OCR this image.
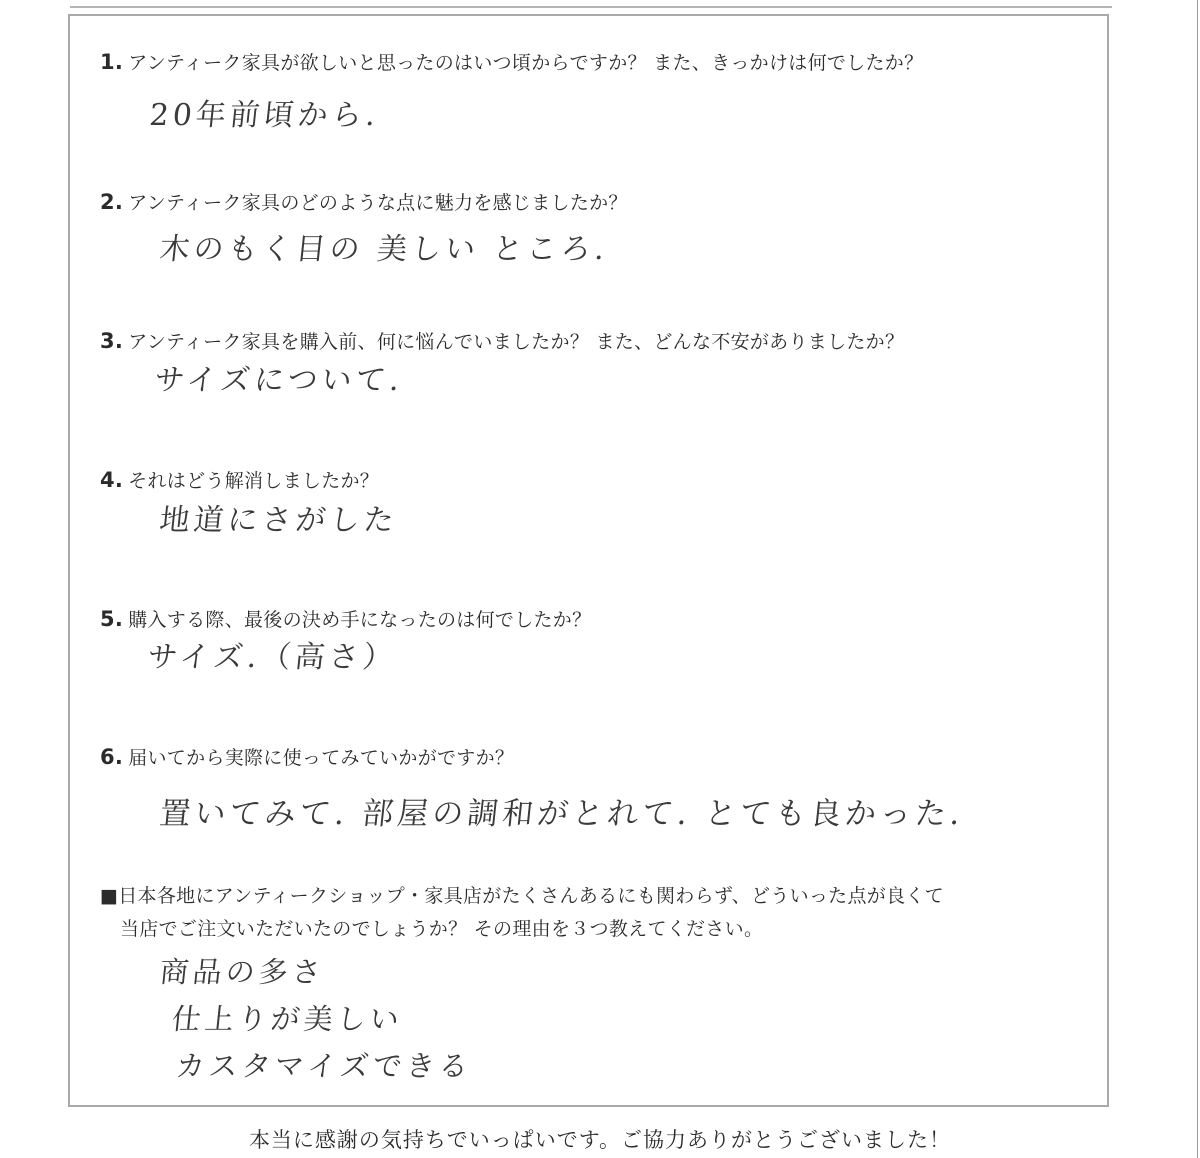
1. アンティーク家具が欲しいと思ったのはいつ頃からですか？ また、きっかけは何でしたか？
20年前頃から.
2. アンティーク家具のどのような点に魅力を感じましたか？
木のもく目の 美しい ところ.
3. アンティーク家具を購入前、何に悩んでいましたか？ また、どんな不安がありましたか？
サイズについて.
4. それはどう解消しましたか？
地道にさがした
5. 購入する際、最後の決め手になったのは何でしたか？
サイズ.（高さ）
6. 届いてから実際に使ってみていかがですか？
置いてみて. 部屋の調和がとれて. とても良かった.
■日本各地にアンティークショップ・家具店がたくさんあるにも関わらず、どういった点が良くて
当店でご注文いただいたのでしょうか？ その理由を３つ教えてください。
商品の多さ
仕上りが美しい
カスタマイズできる
本当に感謝の気持ちでいっぱいです。ご協力ありがとうございました！
